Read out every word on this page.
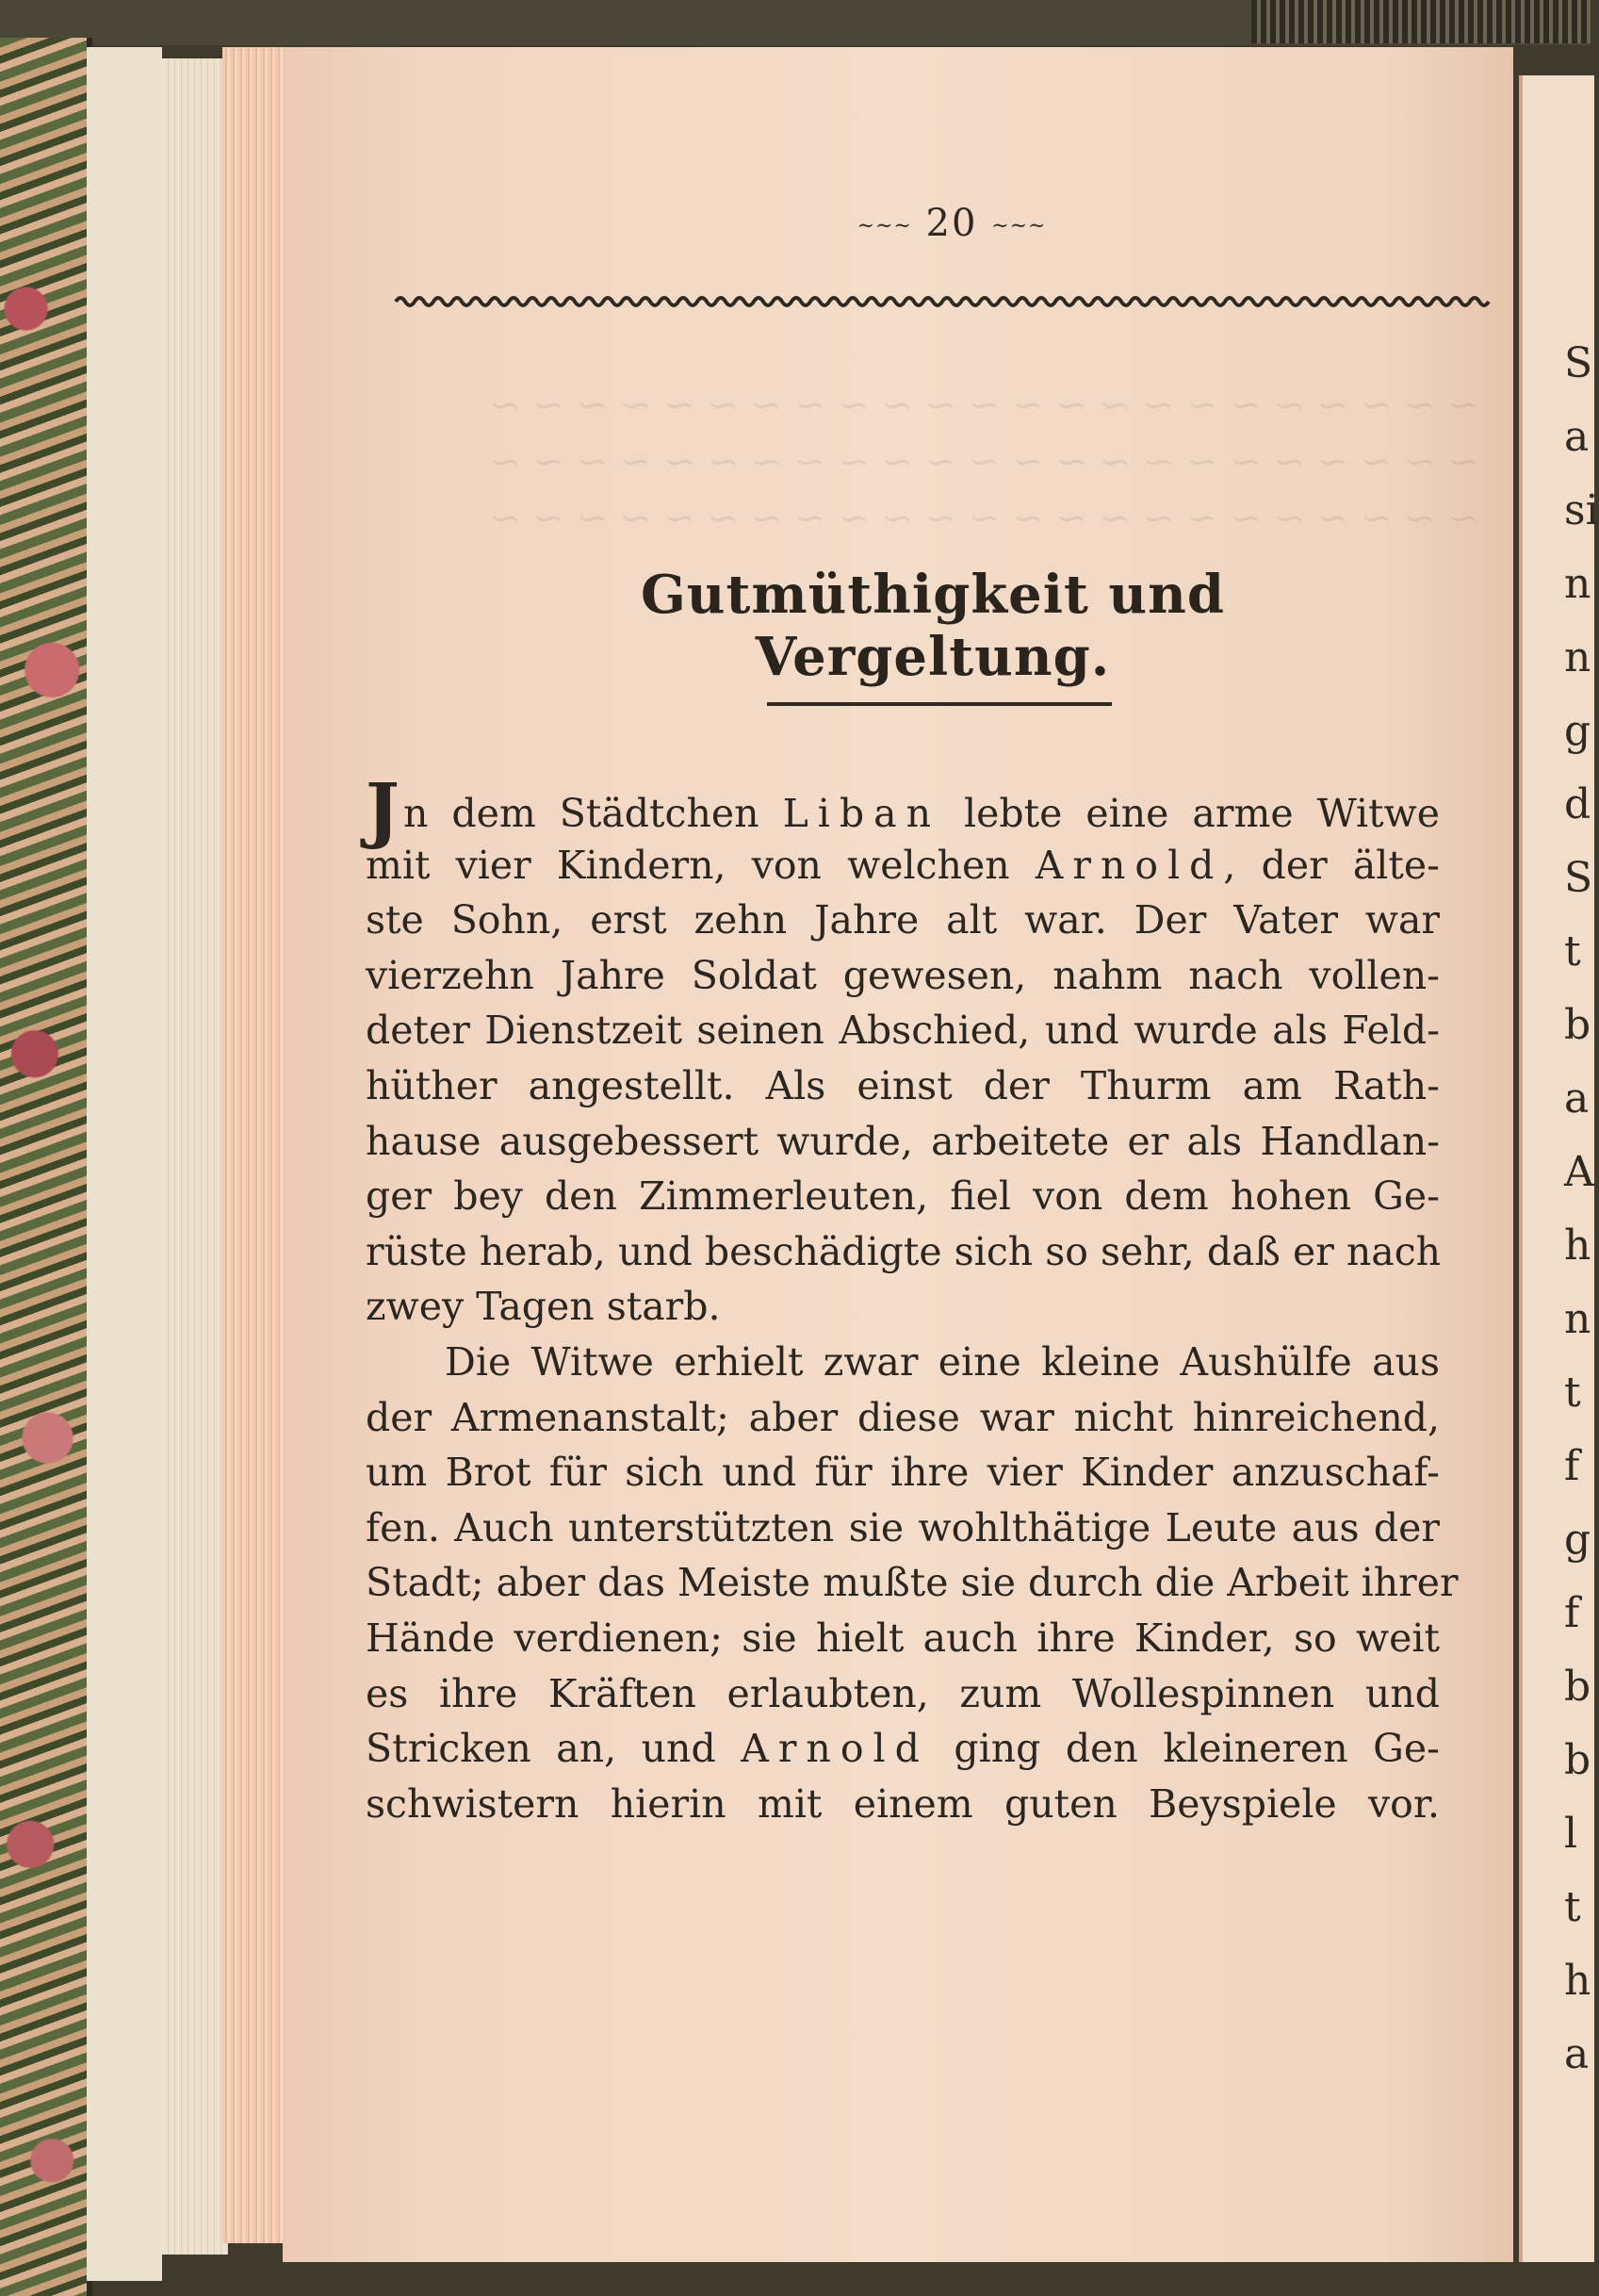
S
a
si
n
n
g
d
S
t
b
a
A
h
n
t
f
g
f
b
b
l
t
h
a
~~~ 20 ~~~
~ ~ ~ ~ ~ ~ ~ ~ ~ ~ ~ ~ ~ ~ ~ ~ ~ ~ ~ ~ ~ ~ ~
~ ~ ~ ~ ~ ~ ~ ~ ~ ~ ~ ~ ~ ~ ~ ~ ~ ~ ~ ~ ~ ~ ~
~ ~ ~ ~ ~ ~ ~ ~ ~ ~ ~ ~ ~ ~ ~ ~ ~ ~ ~ ~ ~ ~ ~
Gutmüthigkeit und Vergeltung.
Jn dem Städtchen Liban lebte eine arme Witwe
mit vier Kindern, von welchen Arnold, der älte-
ste Sohn, erst zehn Jahre alt war. Der Vater war
vierzehn Jahre Soldat gewesen, nahm nach vollen-
deter Dienstzeit seinen Abschied, und wurde als Feld-
hüther angestellt. Als einst der Thurm am Rath-
hause ausgebessert wurde, arbeitete er als Handlan-
ger bey den Zimmerleuten, fiel von dem hohen Ge-
rüste herab, und beschädigte sich so sehr, daß er nach
zwey Tagen starb.
Die Witwe erhielt zwar eine kleine Aushülfe aus
der Armenanstalt; aber diese war nicht hinreichend,
um Brot für sich und für ihre vier Kinder anzuschaf-
fen. Auch unterstützten sie wohlthätige Leute aus der
Stadt; aber das Meiste mußte sie durch die Arbeit ihrer
Hände verdienen; sie hielt auch ihre Kinder, so weit
es ihre Kräften erlaubten, zum Wollespinnen und
Stricken an, und Arnold ging den kleineren Ge-
schwistern hierin mit einem guten Beyspiele vor.
